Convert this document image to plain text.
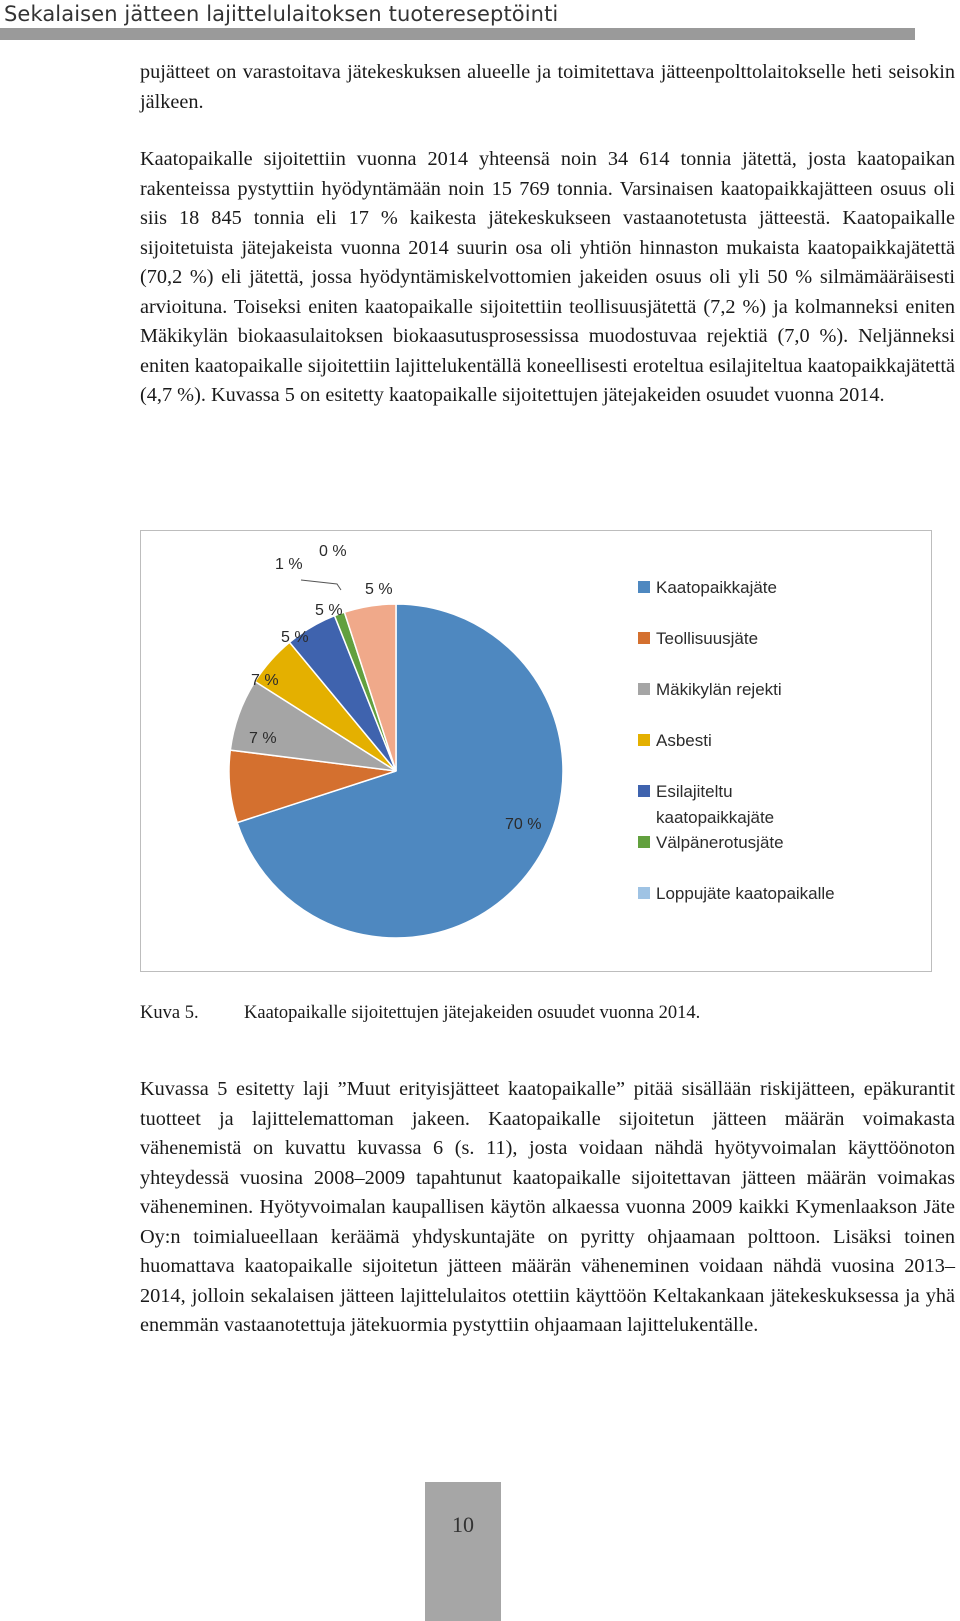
Sekalaisen jätteen lajittelulaitoksen tuotereseptöinti

pujätteet on varastoitava jätekeskuksen alueelle ja toimitettava jätteenpolttolaitokselle heti seisokin jälkeen.

Kaatopaikalle sijoitettiin vuonna 2014 yhteensä noin 34 614 tonnia jätettä, josta kaatopaikan rakenteissa pystyttiin hyödyntämään noin 15 769 tonnia. Varsinaisen kaatopaikkajätteen osuus oli siis 18 845 tonnia eli 17 % kaikesta jätekeskukseen vastaanotetusta jätteestä. Kaatopaikalle sijoitetuista jätejakeista vuonna 2014 suurin osa oli yhtiön hinnaston mukaista kaatopaikkajätettä (70,2 %) eli jätettä, jossa hyödyntämiskelvottomien jakeiden osuus oli yli 50 % silmämääräisesti arvioituna. Toiseksi eniten kaatopaikalle sijoitettiin teollisuusjätettä (7,2 %) ja kolmanneksi eniten Mäkikylän biokaasulaitoksen biokaasutusprosessissa muodostuvaa rejektiä (7,0 %). Neljänneksi eniten kaatopaikalle sijoitettiin lajittelukentällä koneellisesti eroteltua esilajiteltua kaatopaikkajätettä (4,7 %). Kuvassa 5 on esitetty kaatopaikalle sijoitettujen jätejakeiden osuudet vuonna 2014.

70 %
7 %
7 %
5 %
5 %
1 %
0 %
5 %	Kaatopaikkajäte
Teollisuusjäte
Mäkikylän rejekti
Asbesti
Esilajiteltu kaatopaikkajäte
Välpänerotusjäte
Loppujäte kaatopaikalle
Kuva 5. Kaatopaikalle sijoitettujen jätejakeiden osuudet vuonna 2014.

Kuvassa 5 esitetty laji ”Muut erityisjätteet kaatopaikalle” pitää sisällään riskijätteen, epäkurantit tuotteet ja lajittelemattoman jakeen. Kaatopaikalle sijoitetun jätteen määrän voimakasta vähenemistä on kuvattu kuvassa 6 (s. 11), josta voidaan nähdä hyötyvoimalan käyttöönoton yhteydessä vuosina 2008–2009 tapahtunut kaatopaikalle sijoitettavan jätteen määrän voimakas väheneminen. Hyötyvoimalan kaupallisen käytön alkaessa vuonna 2009 kaikki Kymenlaakson Jäte Oy:n toimialueellaan keräämä yhdyskuntajäte on pyritty ohjaamaan polttoon. Lisäksi toinen huomattava kaatopaikalle sijoitetun jätteen määrän väheneminen voidaan nähdä vuosina 2013–2014, jolloin sekalaisen jätteen lajittelulaitos otettiin käyttöön Keltakankaan jätekeskuksessa ja yhä enemmän vastaanotettuja jätekuormia pystyttiin ohjaamaan lajittelukentälle.

10
